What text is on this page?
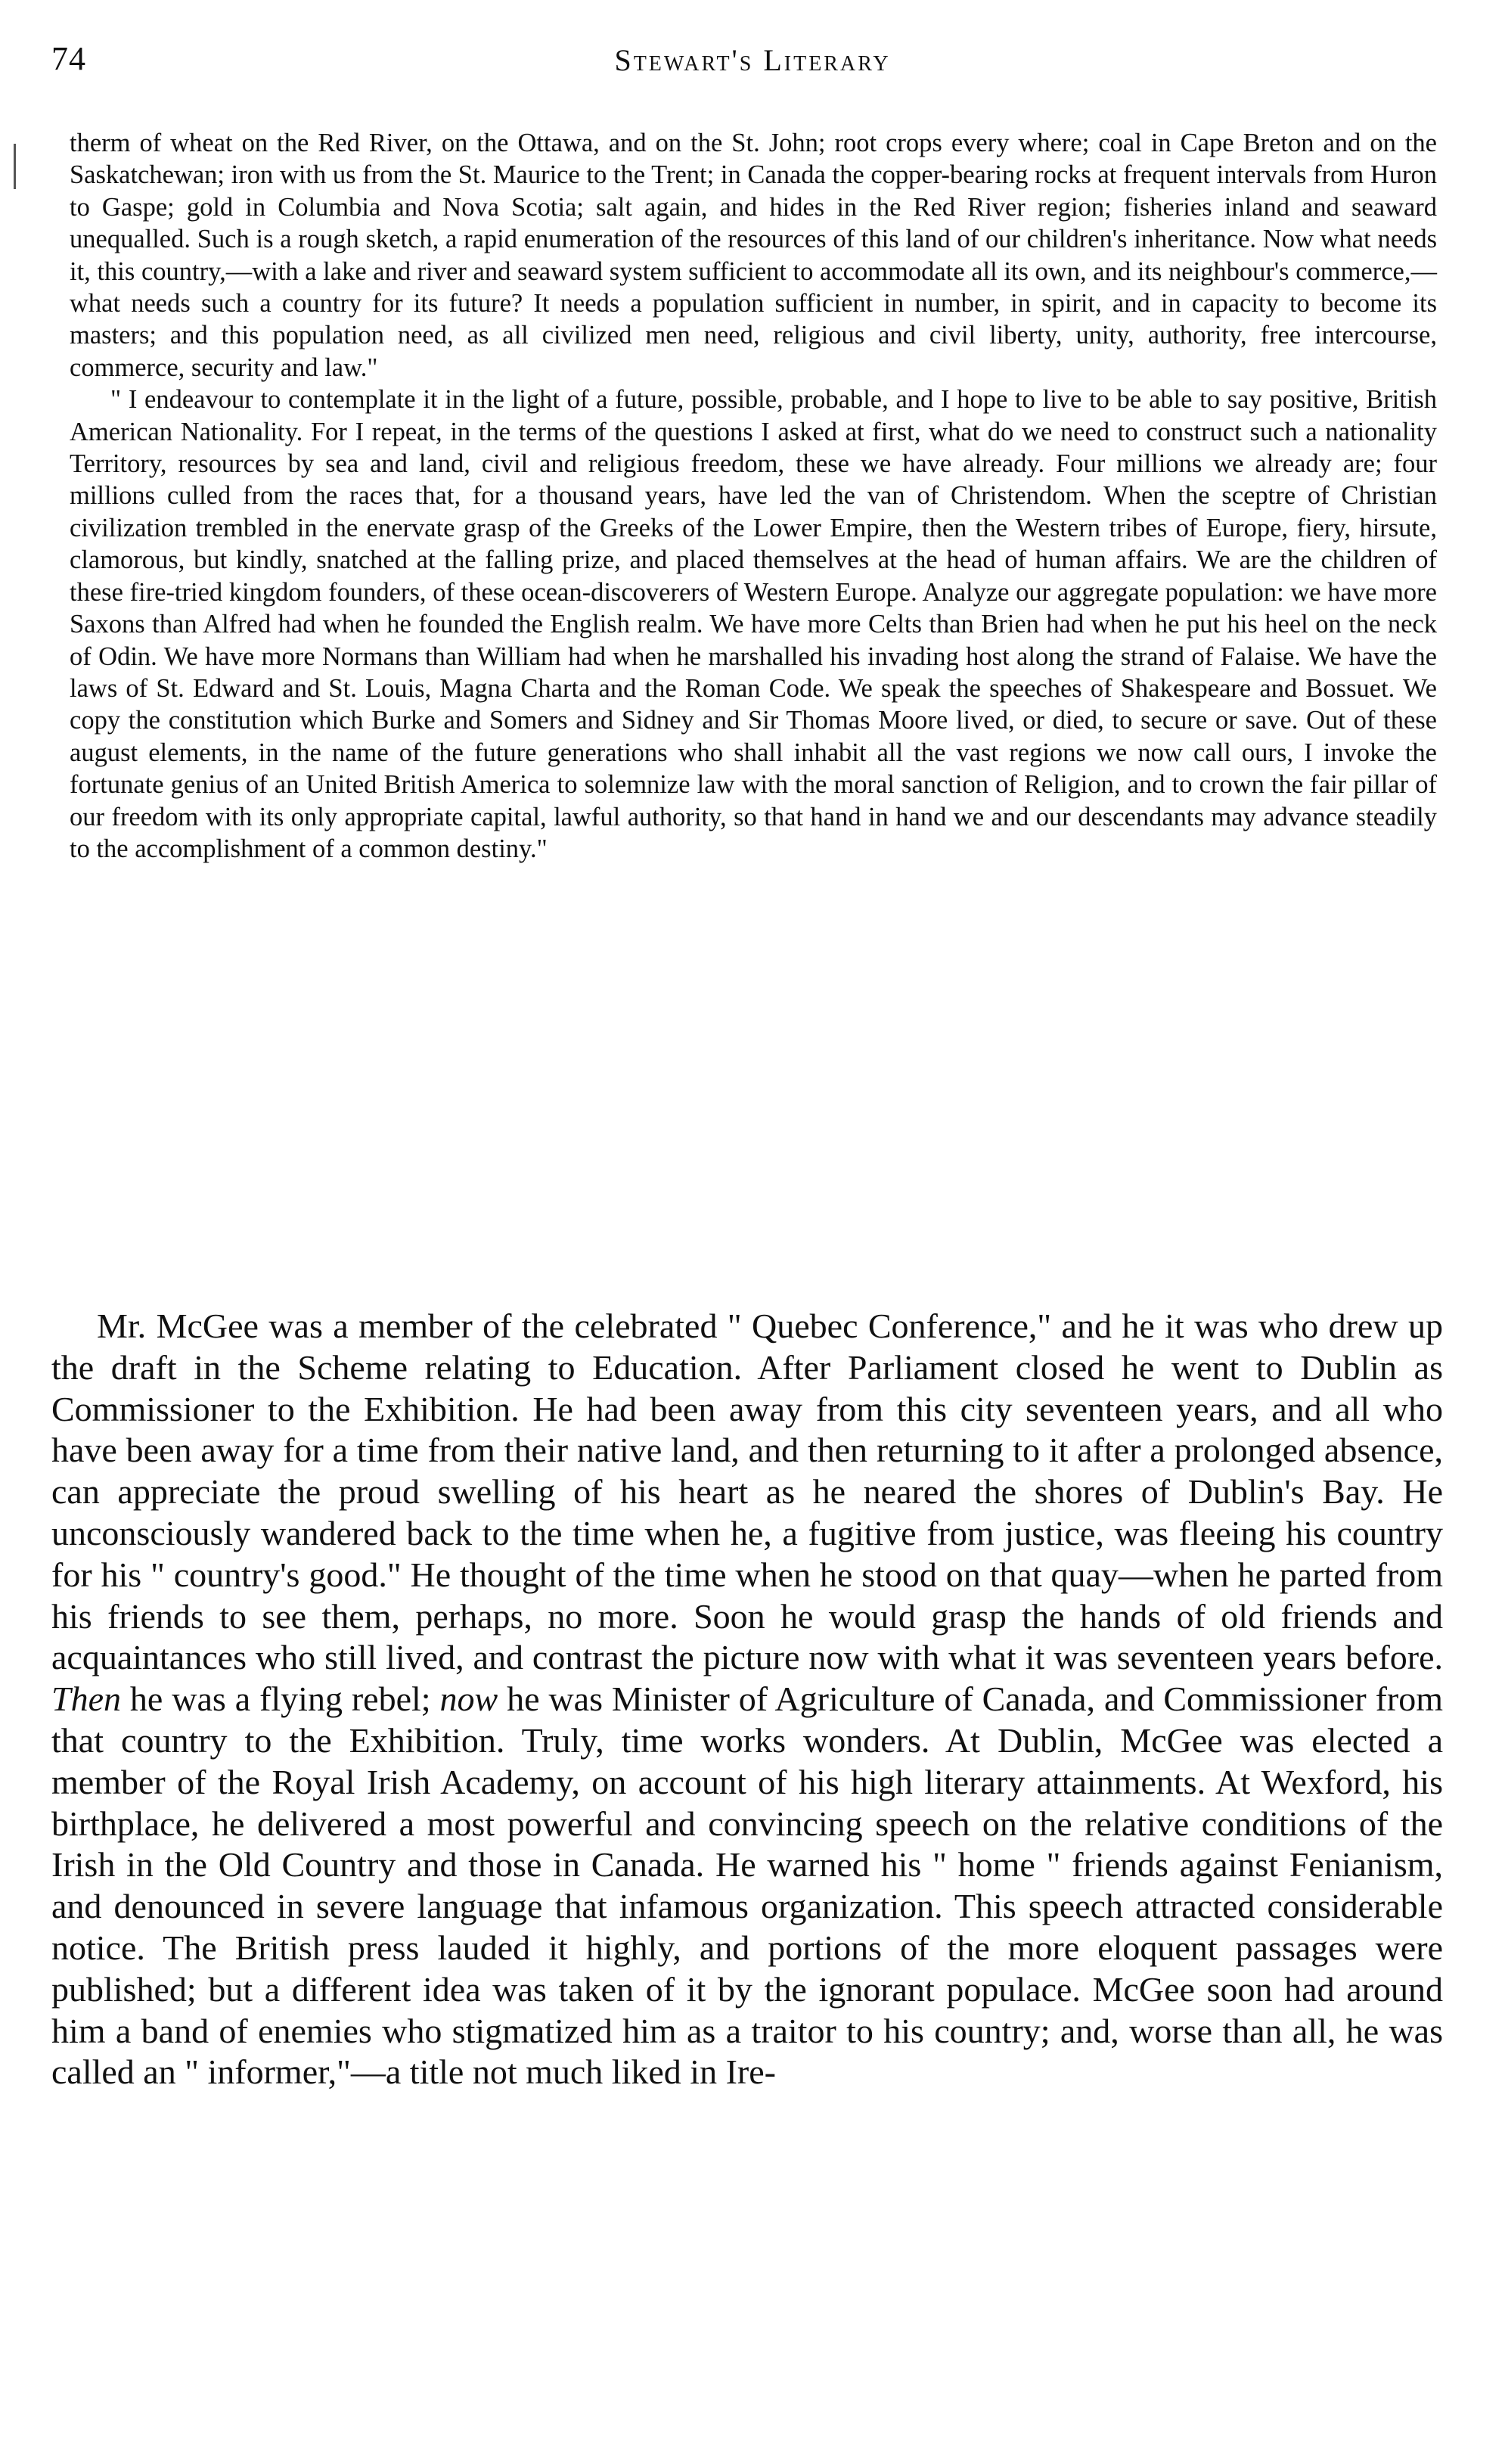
74	Stewart's Literary

therm of wheat on the Red River, on the Ottawa, and on the St. John; root crops every where; coal in Cape Breton and on the Saskatchewan; iron with us from the St. Maurice to the Trent; in Canada the copper-bearing rocks at frequent intervals from Huron to Gaspe; gold in Columbia and Nova Scotia; salt again, and hides in the Red River region; fisheries inland and seaward unequalled. Such is a rough sketch, a rapid enumeration of the resources of this land of our children's inheritance. Now what needs it, this country,—with a lake and river and seaward system sufficient to accommodate all its own, and its neighbour's commerce,—what needs such a country for its future? It needs a population sufficient in number, in spirit, and in capacity to become its masters; and this population need, as all civilized men need, religious and civil liberty, unity, authority, free intercourse, commerce, security and law."

" I endeavour to contemplate it in the light of a future, possible, probable, and I hope to live to be able to say positive, British American Nationality. For I repeat, in the terms of the questions I asked at first, what do we need to construct such a nationality Territory, resources by sea and land, civil and religious freedom, these we have already. Four millions we already are; four millions culled from the races that, for a thousand years, have led the van of Christendom. When the sceptre of Christian civilization trembled in the enervate grasp of the Greeks of the Lower Empire, then the Western tribes of Europe, fiery, hirsute, clamorous, but kindly, snatched at the falling prize, and placed themselves at the head of human affairs. We are the children of these fire-tried kingdom founders, of these ocean-discoverers of Western Europe. Analyze our aggregate population: we have more Saxons than Alfred had when he founded the English realm. We have more Celts than Brien had when he put his heel on the neck of Odin. We have more Normans than William had when he marshalled his invading host along the strand of Falaise. We have the laws of St. Edward and St. Louis, Magna Charta and the Roman Code. We speak the speeches of Shakespeare and Bossuet. We copy the constitution which Burke and Somers and Sidney and Sir Thomas Moore lived, or died, to secure or save. Out of these august elements, in the name of the future generations who shall inhabit all the vast regions we now call ours, I invoke the fortunate genius of an United British America to solemnize law with the moral sanction of Religion, and to crown the fair pillar of our freedom with its only appropriate capital, lawful authority, so that hand in hand we and our descendants may advance steadily to the accomplishment of a common destiny."

Mr. McGee was a member of the celebrated " Quebec Conference," and he it was who drew up the draft in the Scheme relating to Education. After Parliament closed he went to Dublin as Commissioner to the Exhibition. He had been away from this city seventeen years, and all who have been away for a time from their native land, and then returning to it after a prolonged absence, can appreciate the proud swelling of his heart as he neared the shores of Dublin's Bay. He unconsciously wandered back to the time when he, a fugitive from justice, was fleeing his country for his " country's good." He thought of the time when he stood on that quay—when he parted from his friends to see them, perhaps, no more. Soon he would grasp the hands of old friends and acquaintances who still lived, and contrast the picture now with what it was seventeen years before. Then he was a flying rebel; now he was Minister of Agriculture of Canada, and Commissioner from that country to the Exhibition. Truly, time works wonders. At Dublin, McGee was elected a member of the Royal Irish Academy, on account of his high literary attainments. At Wexford, his birthplace, he delivered a most powerful and convincing speech on the relative conditions of the Irish in the Old Country and those in Canada. He warned his " home " friends against Fenianism, and denounced in severe language that infamous organization. This speech attracted considerable notice. The British press lauded it highly, and portions of the more eloquent passages were published; but a different idea was taken of it by the ignorant populace. McGee soon had around him a band of enemies who stigmatized him as a traitor to his country; and, worse than all, he was called an " informer,"—a title not much liked in Ire-
